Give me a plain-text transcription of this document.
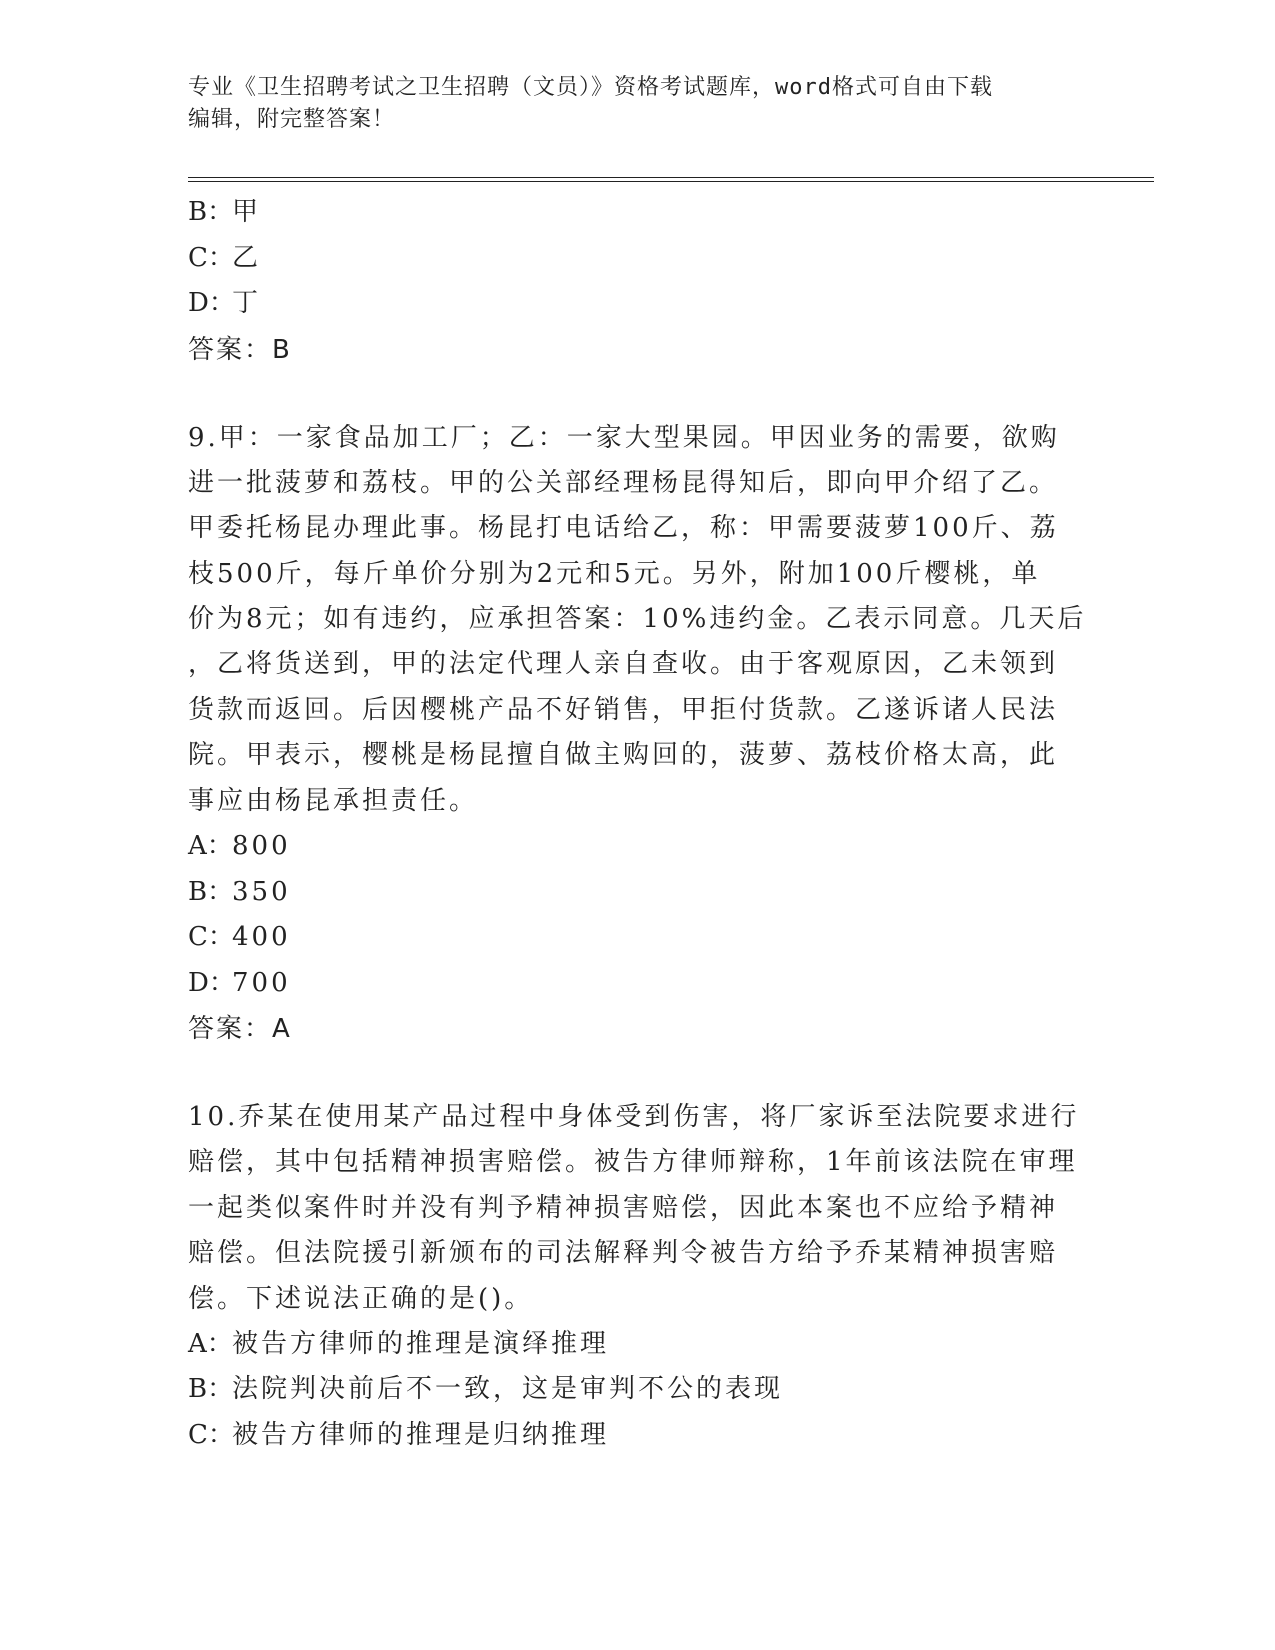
专业《卫生招聘考试之卫生招聘（文员）》资格考试题库，word格式可自由下载
编辑，附完整答案！
B：甲
C：乙
D：丁
答案：B
9.甲：一家食品加工厂；乙：一家大型果园。甲因业务的需要，欲购
进一批菠萝和荔枝。甲的公关部经理杨昆得知后，即向甲介绍了乙。
甲委托杨昆办理此事。杨昆打电话给乙，称：甲需要菠萝100斤、荔
枝500斤，每斤单价分别为2元和5元。另外，附加100斤樱桃，单
价为8元；如有违约，应承担答案：10%违约金。乙表示同意。几天后
，乙将货送到，甲的法定代理人亲自查收。由于客观原因，乙未领到
货款而返回。后因樱桃产品不好销售，甲拒付货款。乙遂诉诸人民法
院。甲表示，樱桃是杨昆擅自做主购回的，菠萝、荔枝价格太高，此
事应由杨昆承担责任。
A：800
B：350
C：400
D：700
答案：A
10.乔某在使用某产品过程中身体受到伤害，将厂家诉至法院要求进行
赔偿，其中包括精神损害赔偿。被告方律师辩称，1年前该法院在审理
一起类似案件时并没有判予精神损害赔偿，因此本案也不应给予精神
赔偿。但法院援引新颁布的司法解释判令被告方给予乔某精神损害赔
偿。下述说法正确的是()。
A：被告方律师的推理是演绎推理
B：法院判决前后不一致，这是审判不公的表现
C：被告方律师的推理是归纳推理
